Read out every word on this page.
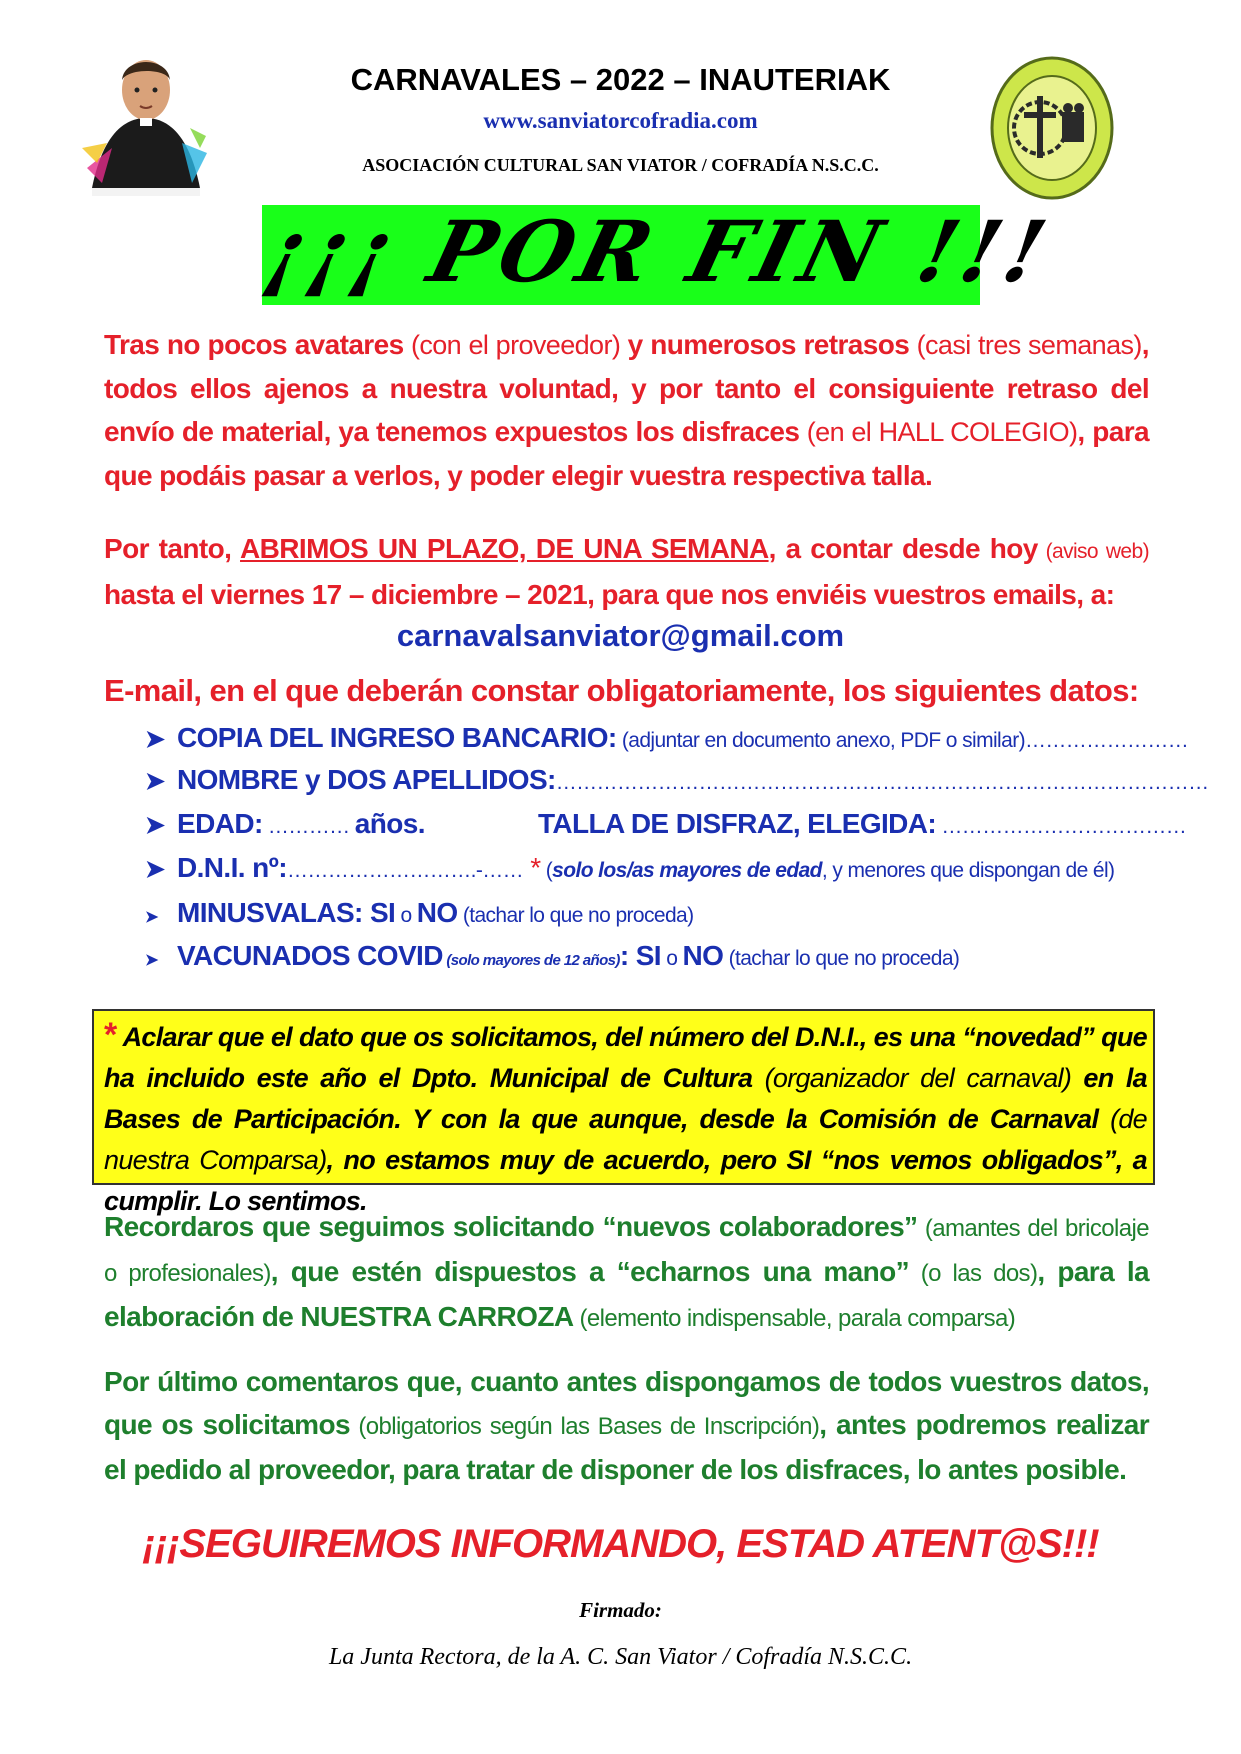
CARNAVALES – 2022 – INAUTERIAK
www.sanviatorcofradia.com
ASOCIACIÓN CULTURAL SAN VIATOR / COFRADÍA N.S.C.C.
¡¡¡ POR FIN !!!
Tras no pocos avatares (con el proveedor) y numerosos retrasos (casi tres semanas), todos ellos ajenos a nuestra voluntad, y por tanto el consiguiente retraso del envío de material, ya tenemos expuestos los disfraces (en el HALL COLEGIO), para que podáis pasar a verlos, y poder elegir vuestra respectiva talla.
Por tanto, ABRIMOS UN PLAZO, DE UNA SEMANA, a contar desde hoy (aviso web) hasta el viernes 17 – diciembre – 2021, para que nos enviéis vuestros emails, a:
carnavalsanviator@gmail.com
E-mail, en el que deberán constar obligatoriamente, los siguientes datos:
➤ COPIA DEL INGRESO BANCARIO: (adjuntar en documento anexo, PDF o similar)……………………
➤ NOMBRE y DOS APELLIDOS:……………………………………………………………………………………
➤ EDAD: ………… años.	TALLA DE DISFRAZ, ELEGIDA: ………………………………
➤ D.N.I. nº:……………………….-…… * (solo los/as mayores de edad, y menores que dispongan de él)
➤ MINUSVALAS: SI o NO (tachar lo que no proceda)
➤ VACUNADOS COVID (solo mayores de 12 años): SI o NO (tachar lo que no proceda)
* Aclarar que el dato que os solicitamos, del número del D.N.I., es una “novedad” que ha incluido este año el Dpto. Municipal de Cultura (organizador del carnaval) en la Bases de Participación. Y con la que aunque, desde la Comisión de Carnaval (de nuestra Comparsa), no estamos muy de acuerdo, pero SI “nos vemos obligados”, a cumplir. Lo sentimos.
Recordaros que seguimos solicitando “nuevos colaboradores” (amantes del bricolaje o profesionales), que estén dispuestos a “echarnos una mano” (o las dos), para la elaboración de NUESTRA CARROZA (elemento indispensable, parala comparsa)
Por último comentaros que, cuanto antes dispongamos de todos vuestros datos, que os solicitamos (obligatorios según las Bases de Inscripción), antes podremos realizar el pedido al proveedor, para tratar de disponer de los disfraces, lo antes posible.
¡¡¡SEGUIREMOS INFORMANDO, ESTAD ATENT@S!!!
Firmado:
La Junta Rectora, de la A. C. San Viator / Cofradía N.S.C.C.
